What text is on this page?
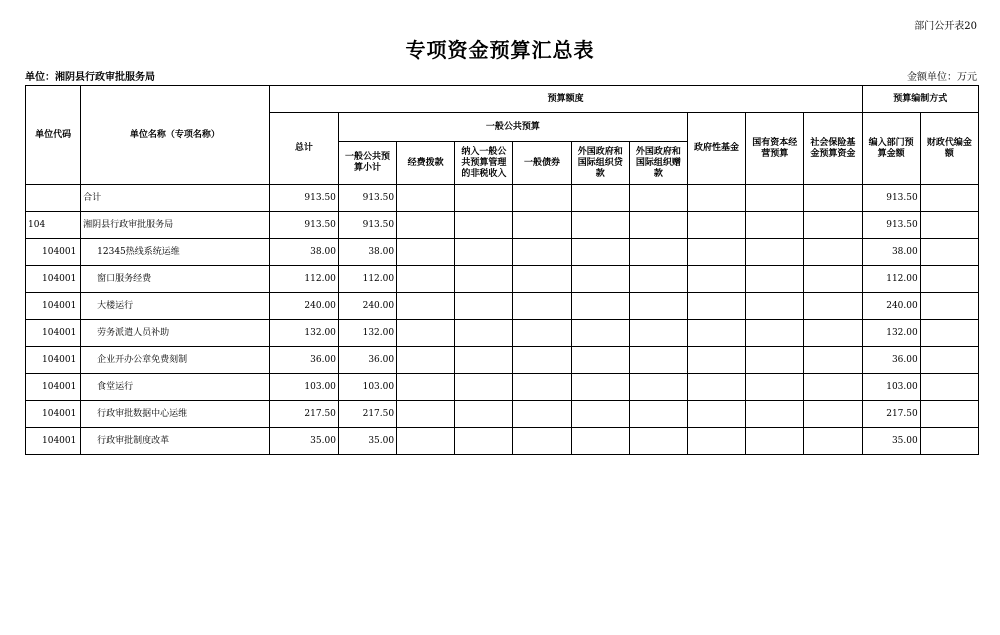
部门公开表20
专项资金预算汇总表
单位：湘阴县行政审批服务局	金额单位：万元
单位代码	单位名称（专项名称）	预算额度										预算编制方式	
		总计	一般公共预算						政府性基金	国有资本经营预算	社会保险基金预算资金	编入部门预算金额	财政代编金额
			一般公共预算小计	经费拨款	纳入一般公共预算管理的非税收入	一般债券	外国政府和国际组织贷款	外国政府和国际组织赠款					
	合计	913.50	913.50									913.50	
104	湘阴县行政审批服务局	913.50	913.50									913.50	
104001	12345热线系统运维	38.00	38.00									38.00	
104001	窗口服务经费	112.00	112.00									112.00	
104001	大楼运行	240.00	240.00									240.00	
104001	劳务派遣人员补助	132.00	132.00									132.00	
104001	企业开办公章免费刻制	36.00	36.00									36.00	
104001	食堂运行	103.00	103.00									103.00	
104001	行政审批数据中心运维	217.50	217.50									217.50	
104001	行政审批制度改革	35.00	35.00									35.00	
